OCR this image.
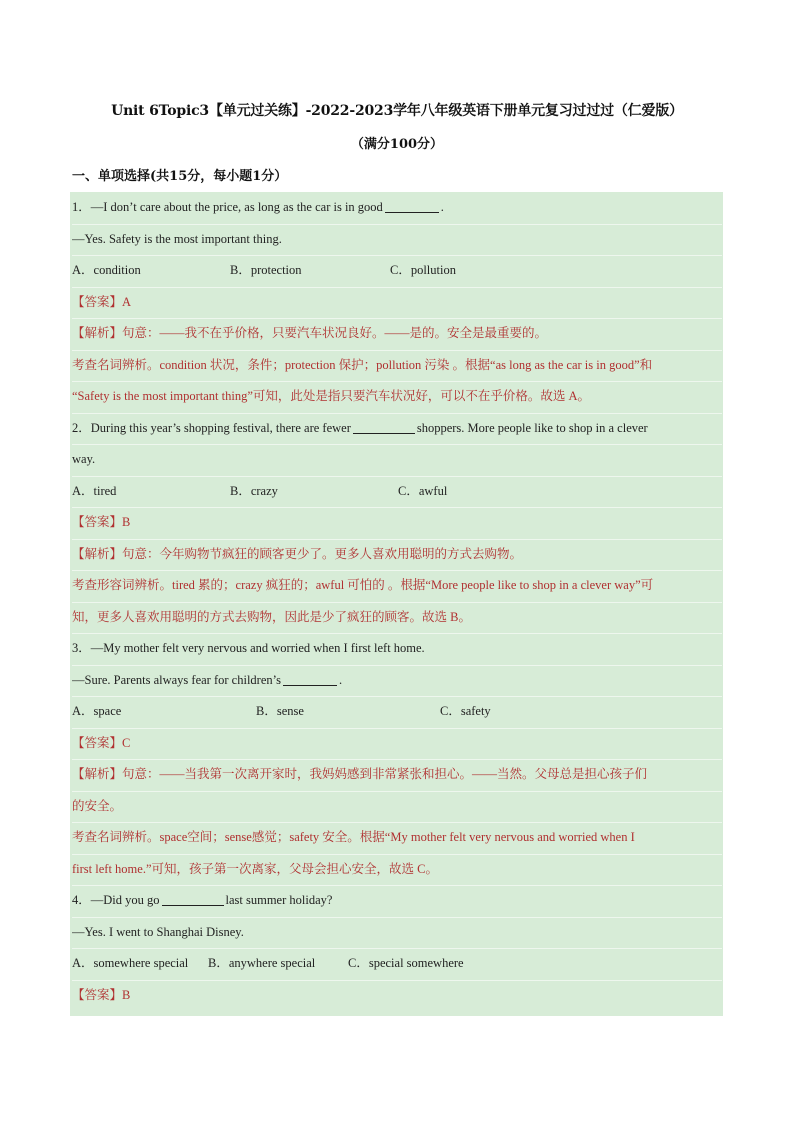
Unit 6Topic3【单元过关练】-2022-2023学年八年级英语下册单元复习过过过（仁爱版）
（满分100分）
一、单项选择(共15分，每小题1分）
1．—I don’t care about the price, as long as the car is in good	.
—Yes. Safety is the most important thing.
A．condition	B．protection	C．pollution
【答案】A
【解析】句意：——我不在乎价格，只要汽车状况良好。——是的。安全是最重要的。
考查名词辨析。condition 状况，条件；protection 保护；pollution 污染 。根据“as long as the car is in good”和
“Safety is the most important thing”可知，此处是指只要汽车状况好，可以不在乎价格。故选 A。
2．During this year’s shopping festival, there are fewer	shoppers. More people like to shop in a clever
way.
A．tired	B．crazy	C．awful
【答案】B
【解析】句意：今年购物节疯狂的顾客更少了。更多人喜欢用聪明的方式去购物。
考查形容词辨析。tired 累的；crazy 疯狂的；awful 可怕的 。根据“More people like to shop in a clever way”可
知，更多人喜欢用聪明的方式去购物，因此是少了疯狂的顾客。故选 B。
3．—My mother felt very nervous and worried when I first left home.
—Sure. Parents always fear for children’s	.
A．space	B．sense	C．safety
【答案】C
【解析】句意：——当我第一次离开家时，我妈妈感到非常紧张和担心。——当然。父母总是担心孩子们
的安全。
考查名词辨析。space空间；sense感觉；safety 安全。根据“My mother felt very nervous and worried when I
first left home.”可知，孩子第一次离家，父母会担心安全，故选 C。
4．—Did you go	last summer holiday?
—Yes. I went to Shanghai Disney.
A．somewhere special B．anywhere special	C．special somewhere
【答案】B
